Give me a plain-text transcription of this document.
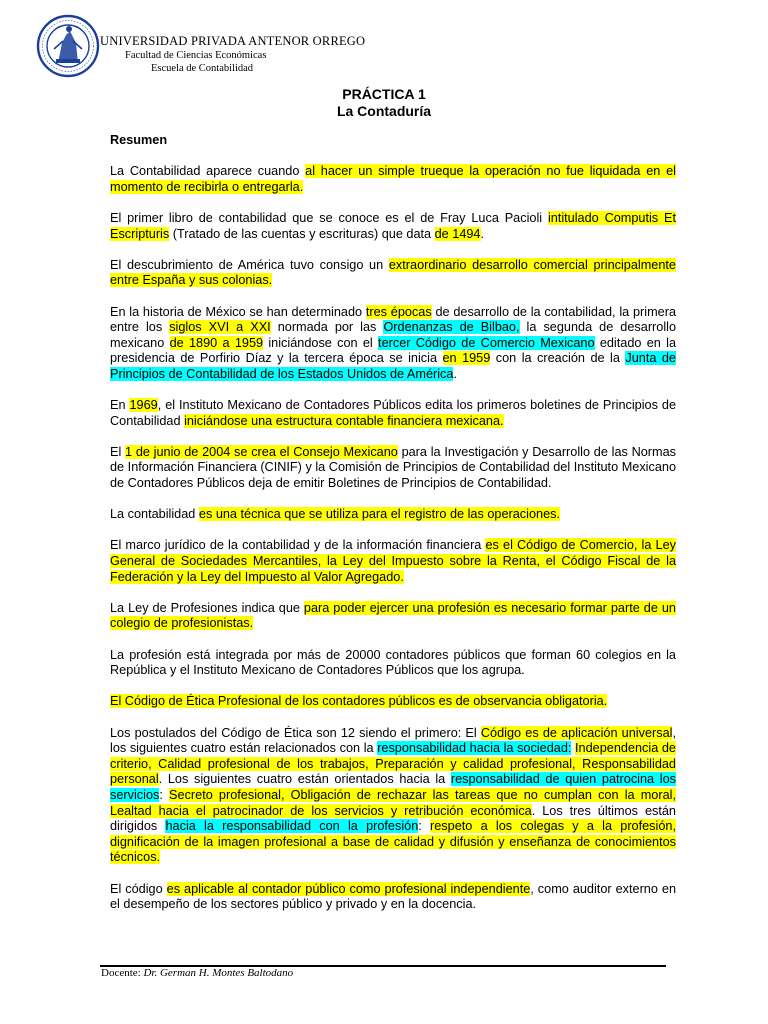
UNIVERSIDAD PRIVADA ANTENOR ORREGO
Facultad de Ciencias Económicas
Escuela de Contabilidad
PRÁCTICA 1
La Contaduría

Resumen

La Contabilidad aparece cuando al hacer un simple trueque la operación no fue liquidada en el momento de recibirla o entregarla.

El primer libro de contabilidad que se conoce es el de Fray Luca Pacioli intitulado Computis Et Escripturis (Tratado de las cuentas y escrituras) que data de 1494.

El descubrimiento de América tuvo consigo un extraordinario desarrollo comercial principalmente entre España y sus colonias.

En la historia de México se han determinado tres épocas de desarrollo de la contabilidad, la primera entre los siglos XVI a XXI normada por las Ordenanzas de Bilbao, la segunda de desarrollo mexicano de 1890 a 1959 iniciándose con el tercer Código de Comercio Mexicano editado en la presidencia de Porfirio Díaz y la tercera época se inicia en 1959 con la creación de la Junta de Principios de Contabilidad de los Estados Unidos de América.

En 1969, el Instituto Mexicano de Contadores Públicos edita los primeros boletines de Principios de Contabilidad iniciándose una estructura contable financiera mexicana.

El 1 de junio de 2004 se crea el Consejo Mexicano para la Investigación y Desarrollo de las Normas de Información Financiera (CINIF) y la Comisión de Principios de Contabilidad del Instituto Mexicano de Contadores Públicos deja de emitir Boletines de Principios de Contabilidad.

La contabilidad es una técnica que se utiliza para el registro de las operaciones.

El marco jurídico de la contabilidad y de la información financiera es el Código de Comercio, la Ley General de Sociedades Mercantiles, la Ley del Impuesto sobre la Renta, el Código Fiscal de la Federación y la Ley del Impuesto al Valor Agregado.

La Ley de Profesiones indica que para poder ejercer una profesión es necesario formar parte de un colegio de profesionistas.

La profesión está integrada por más de 20000 contadores públicos que forman 60 colegios en la República y el Instituto Mexicano de Contadores Públicos que los agrupa.

El Código de Ética Profesional de los contadores públicos es de observancia obligatoria.

Los postulados del Código de Ética son 12 siendo el primero: El Código es de aplicación universal, los siguientes cuatro están relacionados con la responsabilidad hacia la sociedad: Independencia de criterio, Calidad profesional de los trabajos, Preparación y calidad profesional, Responsabilidad personal. Los siguientes cuatro están orientados hacia la responsabilidad de quien patrocina los servicios: Secreto profesional, Obligación de rechazar las tareas que no cumplan con la moral, Lealtad hacia el patrocinador de los servicios y retribución económica. Los tres últimos están dirigidos hacia la responsabilidad con la profesión: respeto a los colegas y a la profesión, dignificación de la imagen profesional a base de calidad y difusión y enseñanza de conocimientos técnicos.

El código es aplicable al contador público como profesional independiente, como auditor externo en el desempeño de los sectores público y privado y en la docencia.

Docente: Dr. German H. Montes Baltodano
